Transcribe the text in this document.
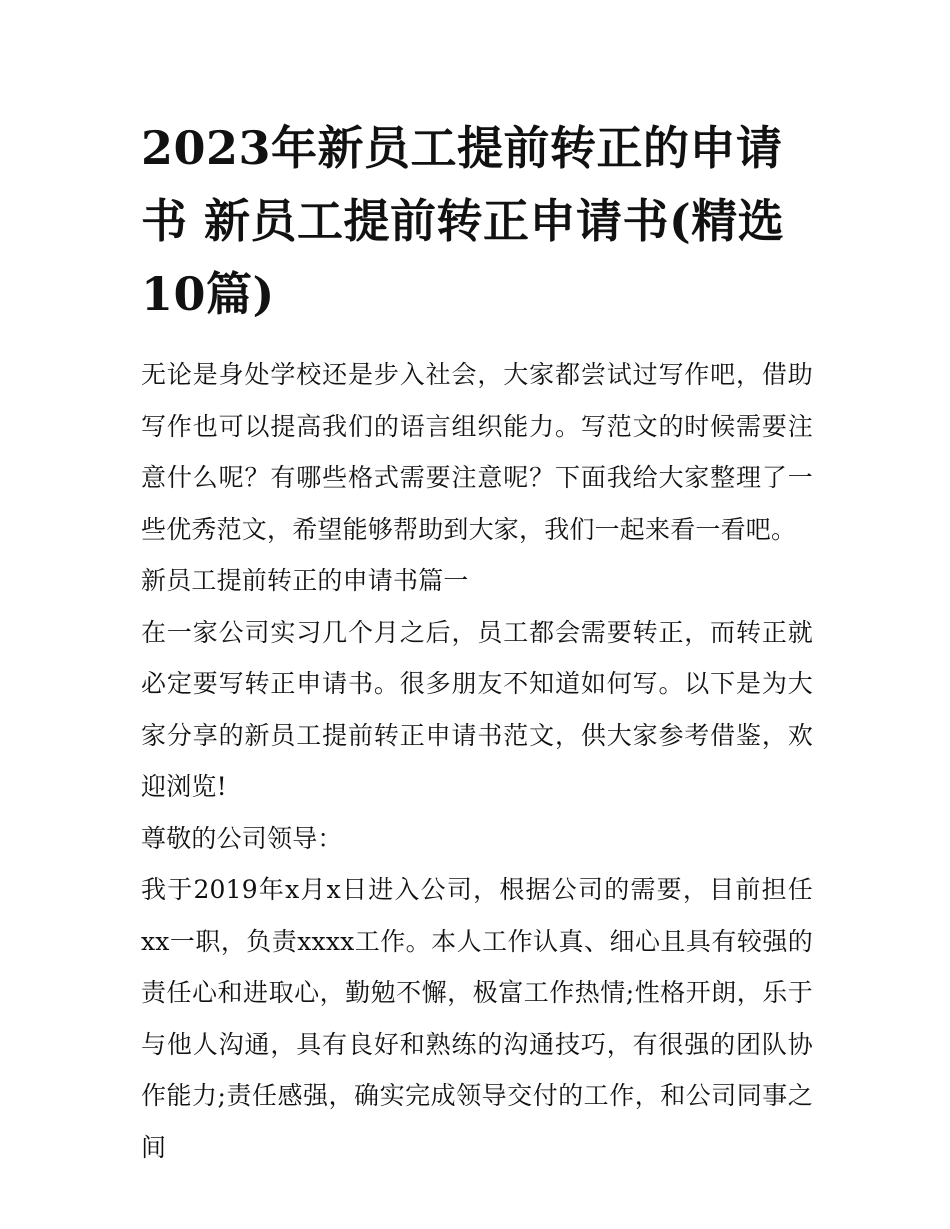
2023年新员工提前转正的申请书 新员工提前转正申请书(精选10篇)

无论是身处学校还是步入社会，大家都尝试过写作吧，借助写作也可以提高我们的语言组织能力。写范文的时候需要注意什么呢？有哪些格式需要注意呢？下面我给大家整理了一些优秀范文，希望能够帮助到大家，我们一起来看一看吧。

新员工提前转正的申请书篇一

在一家公司实习几个月之后，员工都会需要转正，而转正就必定要写转正申请书。很多朋友不知道如何写。以下是为大家分享的新员工提前转正申请书范文，供大家参考借鉴，欢迎浏览!

尊敬的公司领导：

我于2019年x月x日进入公司，根据公司的需要，目前担任xx一职，负责xxxx工作。本人工作认真、细心且具有较强的责任心和进取心，勤勉不懈，极富工作热情;性格开朗，乐于与他人沟通，具有良好和熟练的沟通技巧，有很强的团队协作能力;责任感强，确实完成领导交付的工作，和公司同事之间
